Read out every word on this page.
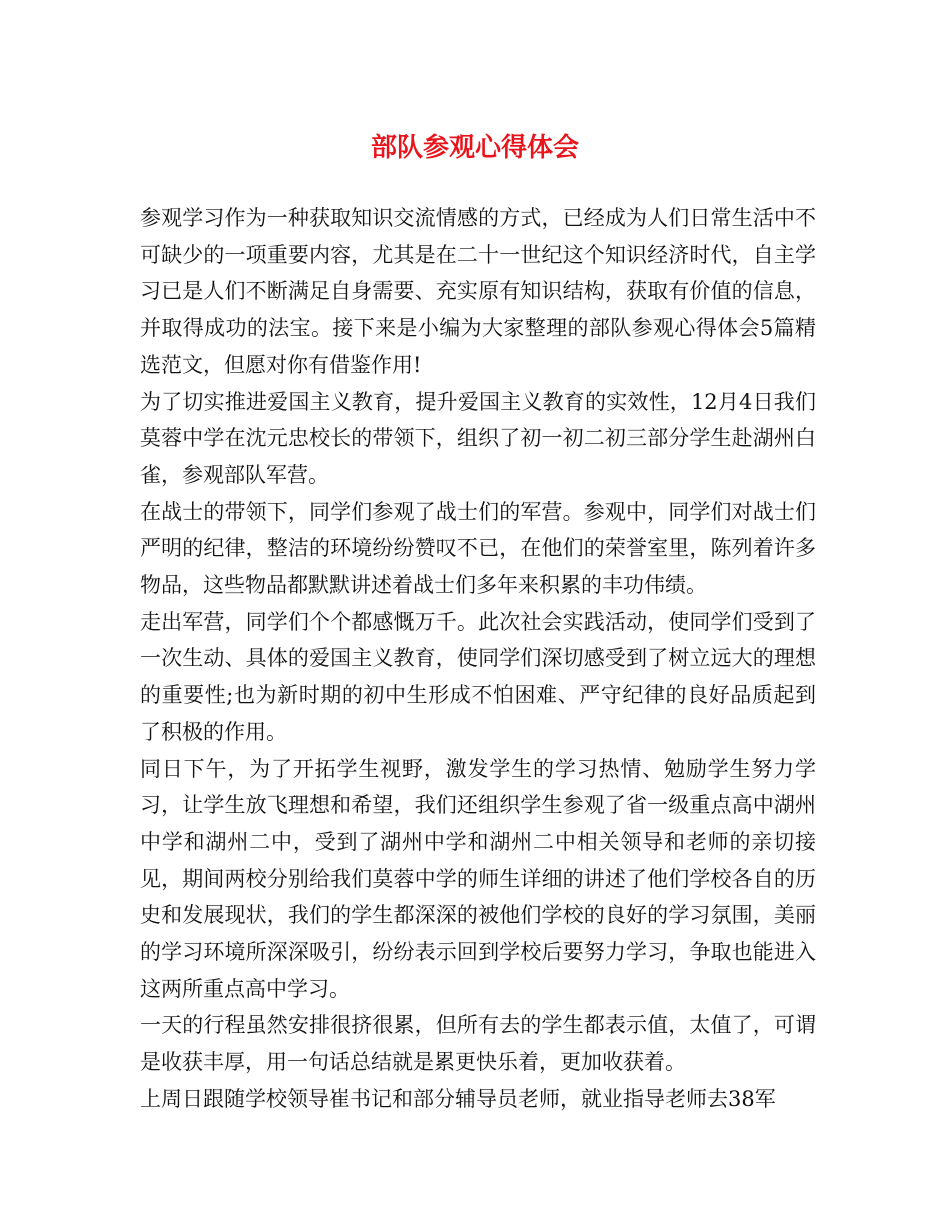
部队参观心得体会

参观学习作为一种获取知识交流情感的方式，已经成为人们日常生活中不可缺少的一项重要内容，尤其是在二十一世纪这个知识经济时代，自主学习已是人们不断满足自身需要、充实原有知识结构，获取有价值的信息，并取得成功的法宝。接下来是小编为大家整理的部队参观心得体会5篇精选范文，但愿对你有借鉴作用!

为了切实推进爱国主义教育，提升爱国主义教育的实效性，12月4日我们莫蓉中学在沈元忠校长的带领下，组织了初一初二初三部分学生赴湖州白雀，参观部队军营。

在战士的带领下，同学们参观了战士们的军营。参观中，同学们对战士们严明的纪律，整洁的环境纷纷赞叹不已，在他们的荣誉室里，陈列着许多物品，这些物品都默默讲述着战士们多年来积累的丰功伟绩。

走出军营，同学们个个都感慨万千。此次社会实践活动，使同学们受到了一次生动、具体的爱国主义教育，使同学们深切感受到了树立远大的理想的重要性;也为新时期的初中生形成不怕困难、严守纪律的良好品质起到了积极的作用。

同日下午，为了开拓学生视野，激发学生的学习热情、勉励学生努力学习，让学生放飞理想和希望，我们还组织学生参观了省一级重点高中湖州中学和湖州二中，受到了湖州中学和湖州二中相关领导和老师的亲切接见，期间两校分别给我们莫蓉中学的师生详细的讲述了他们学校各自的历史和发展现状，我们的学生都深深的被他们学校的良好的学习氛围，美丽的学习环境所深深吸引，纷纷表示回到学校后要努力学习，争取也能进入这两所重点高中学习。

一天的行程虽然安排很挤很累，但所有去的学生都表示值，太值了，可谓是收获丰厚，用一句话总结就是累更快乐着，更加收获着。

上周日跟随学校领导崔书记和部分辅导员老师，就业指导老师去38军
